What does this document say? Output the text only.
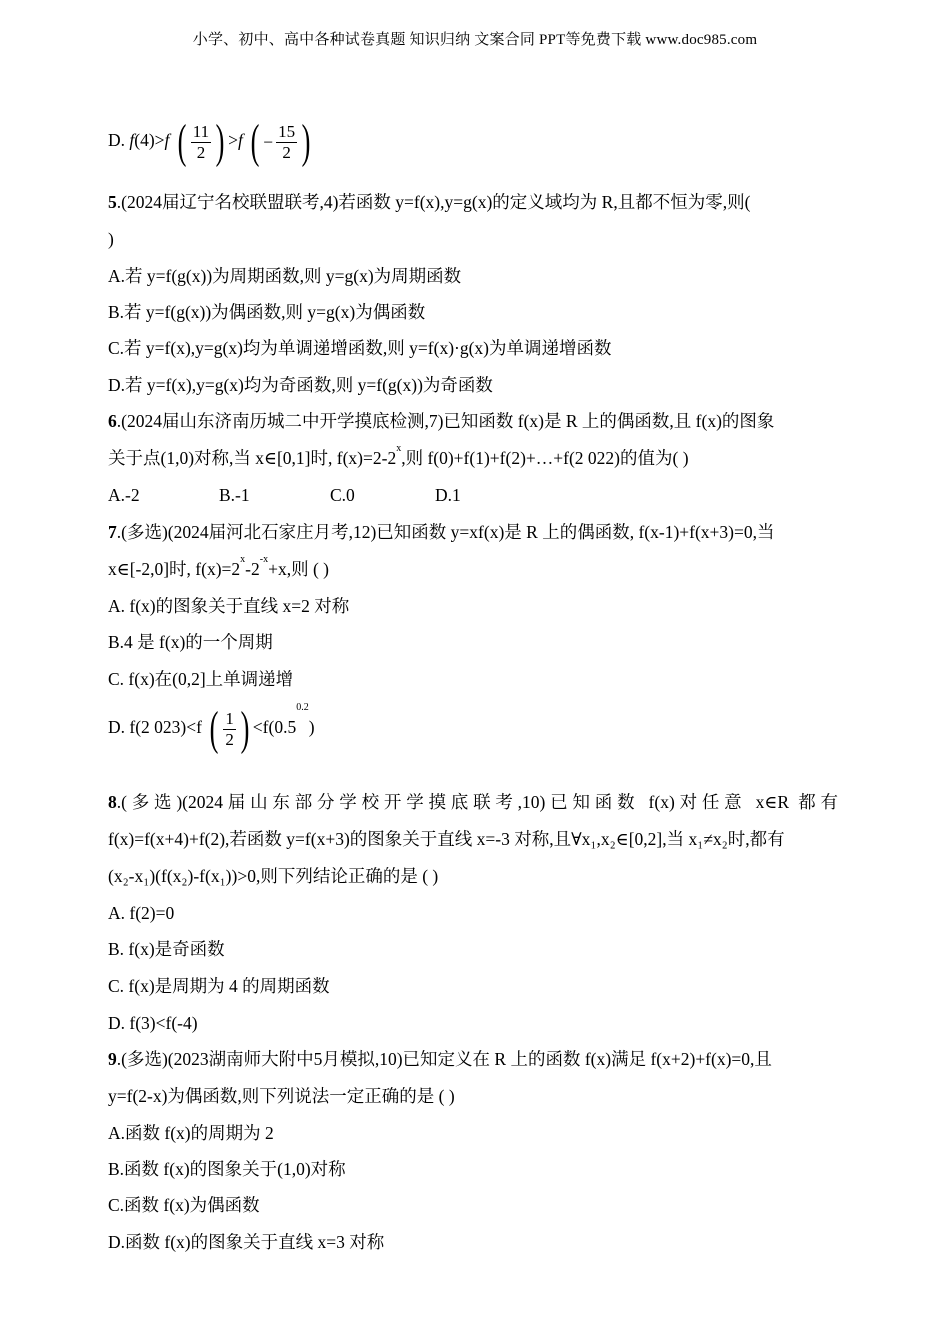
小学、初中、高中各种试卷真题 知识归纳 文案合同 PPT等免费下载 www.doc985.com
D. f(4)>f ( $\frac{11}{2}$ ) >f ( − $\frac{15}{2}$ )
5.(2024届辽宁名校联盟联考,4)若函数 y=f(x),y=g(x)的定义域均为 R,且都不恒为零,则(
)
A.若 y=f(g(x))为周期函数,则 y=g(x)为周期函数
B.若 y=f(g(x))为偶函数,则 y=g(x)为偶函数
C.若 y=f(x),y=g(x)均为单调递增函数,则 y=f(x)·g(x)为单调递增函数
D.若 y=f(x),y=g(x)均为奇函数,则 y=f(g(x))为奇函数
6.(2024届山东济南历城二中开学摸底检测,7)已知函数 f(x)是 R 上的偶函数,且 f(x)的图象
关于点(1,0)对称,当 x∈[0,1]时, $f(x)=2-2^x$,则 f(0)+f(1)+f(2)+…+f(2 022)的值为( )
A.-2	B.-1	C.0	D.1
7.(多选)(2024届河北石家庄月考,12)已知函数 y=xf(x)是 R 上的偶函数, f(x-1)+f(x+3)=0,当
x∈[-2,0]时, $f(x)=2^x-2^{-x}+x$,则 ( )
A. f(x)的图象关于直线 x=2 对称
B.4 是 f(x)的一个周期
C. f(x)在(0,2]上单调递增
D. f(2 023)<f ( $\frac{1}{2}$ ) $<f(0.5^{0.2})$
8.(多选)(2024届山东部分学校开学摸底联考,10)已知函数 f(x)对任意 x∈R 都有
f(x)=f(x+4)+f(2),若函数 y=f(x+3)的图象关于直线 x=-3 对称,且∀x₁,x₂∈[0,2],当 x₁≠x₂时,都有
(x₂-x₁)(f(x₂)-f(x₁))>0,则下列结论正确的是 ( )
A. f(2)=0
B. f(x)是奇函数
C. f(x)是周期为 4 的周期函数
D. f(3)<f(-4)
9.(多选)(2023湖南师大附中5月模拟,10)已知定义在 R 上的函数 f(x)满足 f(x+2)+f(x)=0,且
y=f(2-x)为偶函数,则下列说法一定正确的是 ( )
A.函数 f(x)的周期为 2
B.函数 f(x)的图象关于(1,0)对称
C.函数 f(x)为偶函数
D.函数 f(x)的图象关于直线 x=3 对称
